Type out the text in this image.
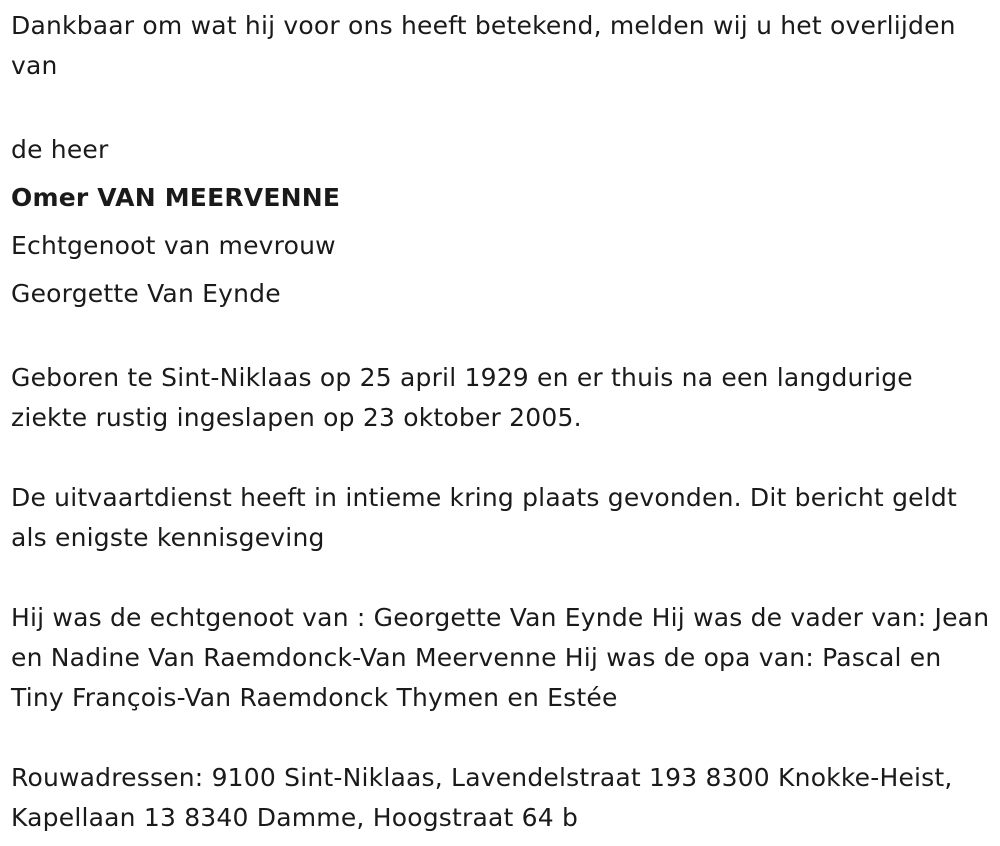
Dankbaar om wat hij voor ons heeft betekend, melden wij u het overlijden van

de heer

Omer VAN MEERVENNE

Echtgenoot van mevrouw

Georgette Van Eynde

Geboren te Sint-Niklaas op 25 april 1929 en er thuis na een langdurige ziekte rustig ingeslapen op 23 oktober 2005.

De uitvaartdienst heeft in intieme kring plaats gevonden. Dit bericht geldt als enigste kennisgeving

Hij was de echtgenoot van : Georgette Van Eynde Hij was de vader van: Jean en Nadine Van Raemdonck-Van Meervenne Hij was de opa van: Pascal en Tiny François-Van Raemdonck Thymen en Estée

Rouwadressen: 9100 Sint-Niklaas, Lavendelstraat 193 8300 Knokke-Heist, Kapellaan 13 8340 Damme, Hoogstraat 64 b
